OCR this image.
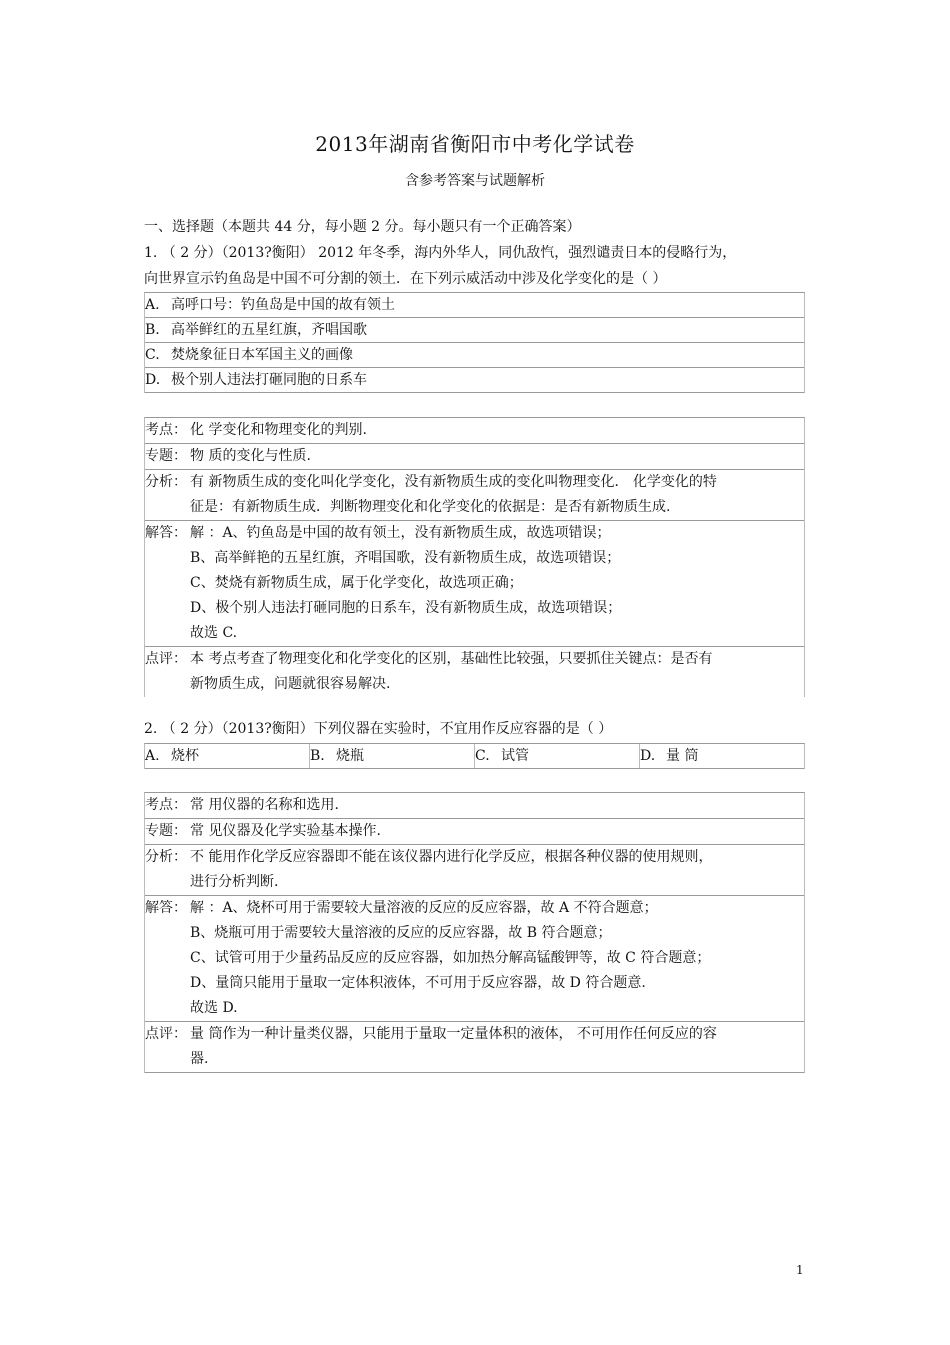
2013年湖南省衡阳市中考化学试卷
含参考答案与试题解析
一、选择题（本题共 44 分，每小题 2 分。每小题只有一个正确答案）
1. （ 2 分）（2013?衡阳） 2012 年冬季，海内外华人，同仇敌忾，强烈谴责日本的侵略行为，
向世界宣示钓鱼岛是中国不可分割的领土．在下列示威活动中涉及化学变化的是（ ）
A. 高呼口号：钓鱼岛是中国的故有领土
B. 高举鲜红的五星红旗，齐唱国歌
C. 焚烧象征日本军国主义的画像
D. 极个别人违法打砸同胞的日系车
考点： 化 学变化和物理变化的判别.
专题： 物 质的变化与性质.
分析： 有 新物质生成的变化叫化学变化，没有新物质生成的变化叫物理变化． 化学变化的特
征是：有新物质生成．判断物理变化和化学变化的依据是：是否有新物质生成.
解答： 解 ：A、钓鱼岛是中国的故有领土，没有新物质生成，故选项错误；
B、高举鲜艳的五星红旗，齐唱国歌，没有新物质生成，故选项错误；
C、焚烧有新物质生成，属于化学变化，故选项正确；
D、极个别人违法打砸同胞的日系车，没有新物质生成，故选项错误；
故选 C.
点评： 本 考点考查了物理变化和化学变化的区别，基础性比较强，只要抓住关键点：是否有
新物质生成，问题就很容易解决.
2. （ 2 分）（2013?衡阳）下列仪器在实验时，不宜用作反应容器的是（ ）
A. 烧杯	B. 烧瓶	C. 试管	D. 量 筒
考点： 常 用仪器的名称和选用.
专题： 常 见仪器及化学实验基本操作.
分析： 不 能用作化学反应容器即不能在该仪器内进行化学反应，根据各种仪器的使用规则，
进行分析判断.
解答： 解 ：A、烧杯可用于需要较大量溶液的反应的反应容器，故 A 不符合题意；
B、烧瓶可用于需要较大量溶液的反应的反应容器，故 B 符合题意；
C、试管可用于少量药品反应的反应容器，如加热分解高锰酸钾等，故 C 符合题意；
D、量筒只能用于量取一定体积液体，不可用于反应容器，故 D 符合题意.
故选 D.
点评： 量 筒作为一种计量类仪器，只能用于量取一定量体积的液体， 不可用作任何反应的容
器.
1
